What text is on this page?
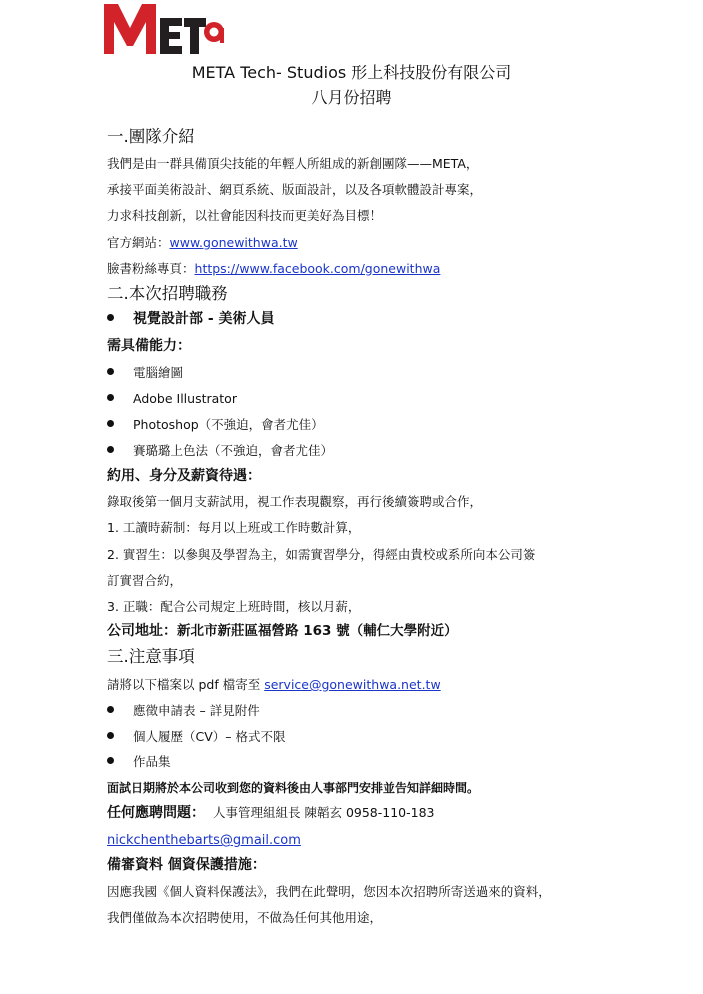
META Tech- Studios 形上科技股份有限公司
八月份招聘
一.團隊介紹
我們是由一群具備頂尖技能的年輕人所組成的新創團隊——META，
承接平面美術設計、網頁系統、版面設計，以及各項軟體設計專案，
力求科技創新，以社會能因科技而更美好為目標！
官方網站：www.gonewithwa.tw
臉書粉絲專頁：https://www.facebook.com/gonewithwa
二.本次招聘職務
視覺設計部 - 美術人員
需具備能力：
電腦繪圖
Adobe Illustrator
Photoshop（不強迫，會者尤佳）
賽璐璐上色法（不強迫，會者尤佳）
約用、身分及薪資待遇：
錄取後第一個月支薪試用，視工作表現觀察，再行後續簽聘或合作，
1. 工讀時薪制：每月以上班或工作時數計算，
2. 實習生：以參與及學習為主，如需實習學分，得經由貴校或系所向本公司簽
訂實習合約，
3. 正職：配合公司規定上班時間，核以月薪，
公司地址：新北市新莊區福營路 163 號（輔仁大學附近）
三.注意事項
請將以下檔案以 pdf 檔寄至 service@gonewithwa.net.tw
應徵申請表 – 詳見附件
個人履歷（CV）– 格式不限
作品集
面試日期將於本公司收到您的資料後由人事部門安排並告知詳細時間。
任何應聘問題： 人事管理組組長 陳韜玄 0958-110-183
nickchenthebarts@gmail.com
備審資料 個資保護措施：
因應我國《個人資料保護法》，我們在此聲明，您因本次招聘所寄送過來的資料，
我們僅做為本次招聘使用，不做為任何其他用途，
